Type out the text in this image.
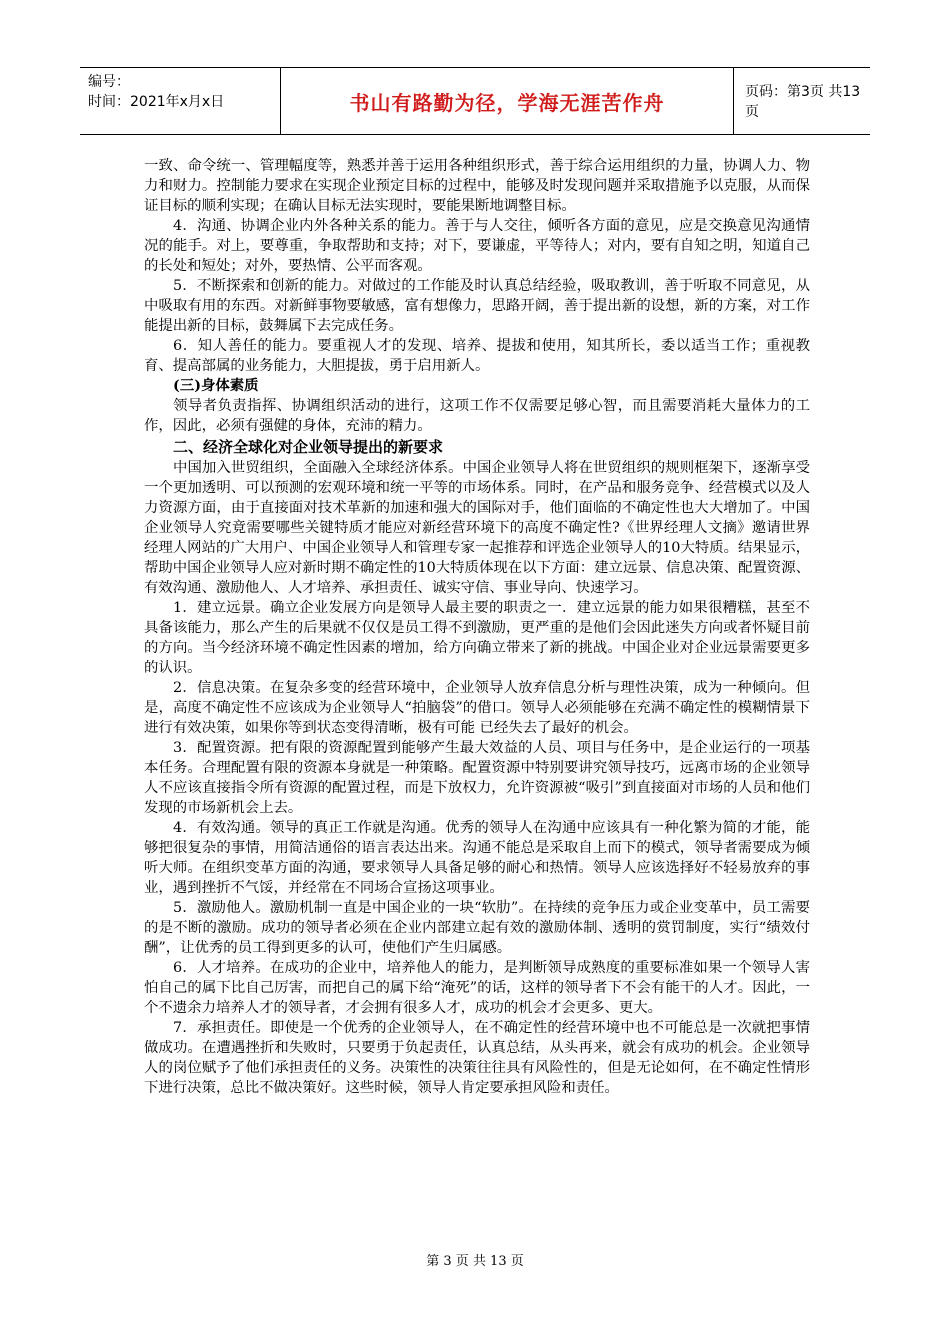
编号：
时间：2021年x月x日	书山有路勤为径，学海无涯苦作舟	页码：第3页 共13页

一致、命令统一、管理幅度等，熟悉并善于运用各种组织形式，善于综合运用组织的力量，协调人力、物力和财力。控制能力要求在实现企业预定目标的过程中，能够及时发现问题并采取措施予以克服，从而保证目标的顺利实现；在确认目标无法实现时，要能果断地调整目标。

4．沟通、协调企业内外各种关系的能力。善于与人交往，倾听各方面的意见，应是交换意见沟通情况的能手。对上，要尊重，争取帮助和支持；对下，要谦虚，平等待人；对内，要有自知之明，知道自己的长处和短处；对外，要热情、公平而客观。

5．不断探索和创新的能力。对做过的工作能及时认真总结经验，吸取教训，善于听取不同意见，从中吸取有用的东西。对新鲜事物要敏感，富有想像力，思路开阔，善于提出新的设想，新的方案，对工作能提出新的目标，鼓舞属下去完成任务。

6．知人善任的能力。要重视人才的发现、培养、提拔和使用，知其所长，委以适当工作；重视教育、提高部属的业务能力，大胆提拔，勇于启用新人。

(三)身体素质

领导者负责指挥、协调组织活动的进行，这项工作不仅需要足够心智，而且需要消耗大量体力的工作，因此，必须有强健的身体，充沛的精力。

二、经济全球化对企业领导提出的新要求

中国加入世贸组织，全面融入全球经济体系。中国企业领导人将在世贸组织的规则框架下，逐渐享受一个更加透明、可以预测的宏观环境和统一平等的市场体系。同时，在产品和服务竞争、经营模式以及人力资源方面，由于直接面对技术革新的加速和强大的国际对手，他们面临的不确定性也大大增加了。中国企业领导人究竟需要哪些关键特质才能应对新经营环境下的高度不确定性?《世界经理人文摘》邀请世界经理人网站的广大用户、中国企业领导人和管理专家一起推荐和评选企业领导人的10大特质。结果显示，帮助中国企业领导人应对新时期不确定性的10大特质体现在以下方面：建立远景、信息决策、配置资源、有效沟通、激励他人、人才培养、承担责任、诚实守信、事业导向、快速学习。

1．建立远景。确立企业发展方向是领导人最主要的职责之一．建立远景的能力如果很糟糕，甚至不具备该能力，那么产生的后果就不仅仅是员工得不到激励，更严重的是他们会因此迷失方向或者怀疑目前的方向。当今经济环境不确定性因素的增加，给方向确立带来了新的挑战。中国企业对企业远景需要更多的认识。

2．信息决策。在复杂多变的经营环境中，企业领导人放弃信息分析与理性决策，成为一种倾向。但是，高度不确定性不应该成为企业领导人“拍脑袋”的借口。领导人必须能够在充满不确定性的模糊情景下进行有效决策，如果你等到状态变得清晰，极有可能 已经失去了最好的机会。

3．配置资源。把有限的资源配置到能够产生最大效益的人员、项目与任务中，是企业运行的一项基本任务。合理配置有限的资源本身就是一种策略。配置资源中特别要讲究领导技巧，远离市场的企业领导人不应该直接指令所有资源的配置过程，而是下放权力，允许资源被“吸引”到直接面对市场的人员和他们发现的市场新机会上去。

4．有效沟通。领导的真正工作就是沟通。优秀的领导人在沟通中应该具有一种化繁为简的才能，能够把很复杂的事情，用简洁通俗的语言表达出来。沟通不能总是采取自上而下的模式，领导者需要成为倾听大师。在组织变革方面的沟通，要求领导人具备足够的耐心和热情。领导人应该选择好不轻易放弃的事业，遇到挫折不气馁，并经常在不同场合宣扬这项事业。

5．激励他人。激励机制一直是中国企业的一块“软肋”。在持续的竞争压力或企业变革中，员工需要的是不断的激励。成功的领导者必须在企业内部建立起有效的激励体制、透明的赏罚制度，实行“绩效付酬”，让优秀的员工得到更多的认可，使他们产生归属感。

6．人才培养。在成功的企业中，培养他人的能力，是判断领导成熟度的重要标准如果一个领导人害怕自己的属下比自己厉害，而把自己的属下给“淹死”的话，这样的领导者下不会有能干的人才。因此，一个不遗余力培养人才的领导者，才会拥有很多人才，成功的机会才会更多、更大。

7．承担责任。即使是一个优秀的企业领导人，在不确定性的经营环境中也不可能总是一次就把事情做成功。在遭遇挫折和失败时，只要勇于负起责任，认真总结，从头再来，就会有成功的机会。企业领导人的岗位赋予了他们承担责任的义务。决策性的决策往往具有风险性的，但是无论如何，在不确定性情形下进行决策，总比不做决策好。这些时候，领导人肯定要承担风险和责任。

第 3 页 共 13 页
